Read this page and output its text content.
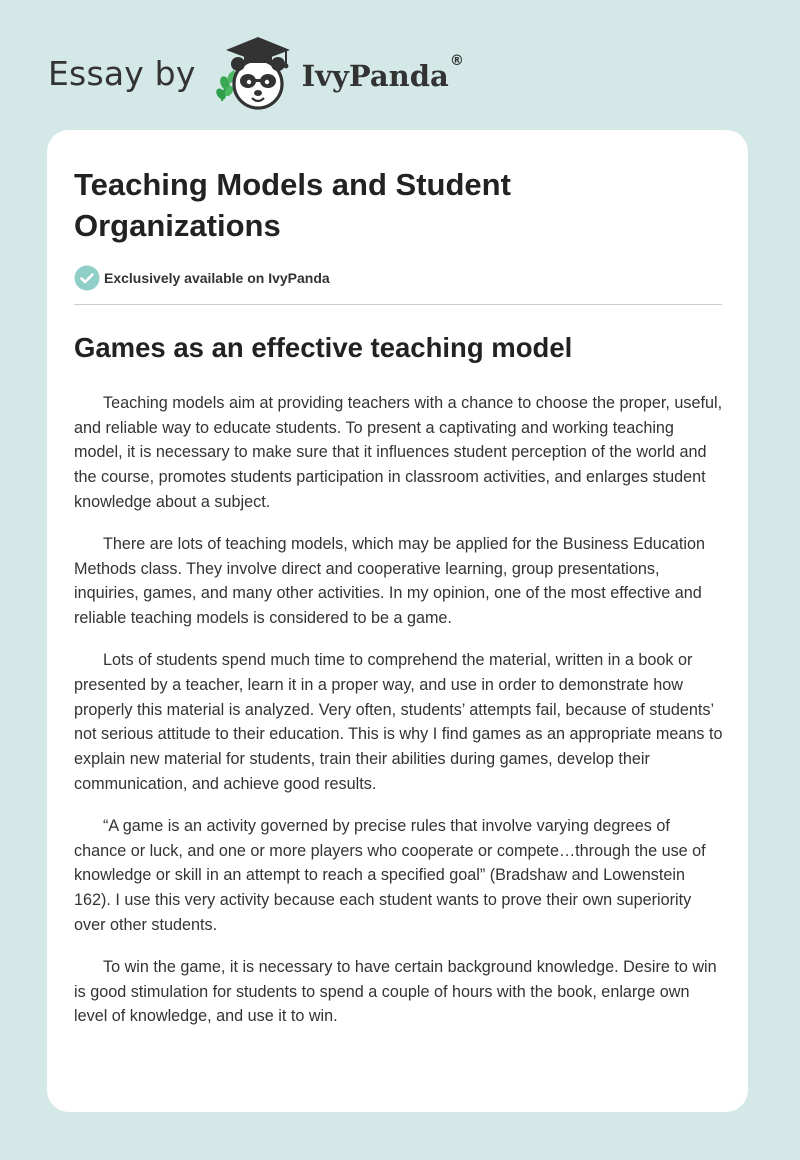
Essay by	IvyPanda ®
Teaching Models and Student Organizations
Exclusively available on IvyPanda
Games as an effective teaching model

Teaching models aim at providing teachers with a chance to choose the proper, useful, and reliable way to educate students. To present a captivating and working teaching model, it is necessary to make sure that it influences student perception of the world and the course, promotes students participation in classroom activities, and enlarges student knowledge about a subject.

There are lots of teaching models, which may be applied for the Business Education Methods class. They involve direct and cooperative learning, group presentations, inquiries, games, and many other activities. In my opinion, one of the most effective and reliable teaching models is considered to be a game.

Lots of students spend much time to comprehend the material, written in a book or presented by a teacher, learn it in a proper way, and use in order to demonstrate how properly this material is analyzed. Very often, students’ attempts fail, because of students’ not serious attitude to their education. This is why I find games as an appropriate means to explain new material for students, train their abilities during games, develop their communication, and achieve good results.

“A game is an activity governed by precise rules that involve varying degrees of chance or luck, and one or more players who cooperate or compete…through the use of knowledge or skill in an attempt to reach a specified goal” (Bradshaw and Lowenstein 162). I use this very activity because each student wants to prove their own superiority over other students.

To win the game, it is necessary to have certain background knowledge. Desire to win is good stimulation for students to spend a couple of hours with the book, enlarge own level of knowledge, and use it to win.
